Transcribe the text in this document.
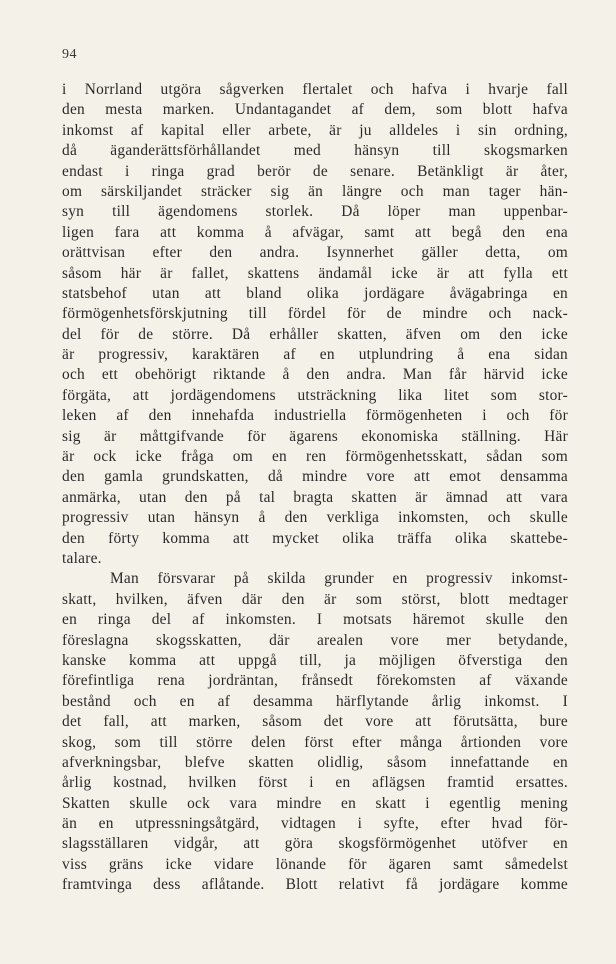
94
i Norrland utgöra sågverken flertalet och hafva i hvarje fall
den mesta marken. Undantagandet af dem, som blott hafva
inkomst af kapital eller arbete, är ju alldeles i sin ordning,
då äganderättsförhållandet med hänsyn till skogsmarken
endast i ringa grad berör de senare. Betänkligt är åter,
om särskiljandet sträcker sig än längre och man tager hän-
syn till ägendomens storlek. Då löper man uppenbar-
ligen fara att komma å afvägar, samt att begå den ena
orättvisan efter den andra. Isynnerhet gäller detta, om
såsom här är fallet, skattens ändamål icke är att fylla ett
statsbehof utan att bland olika jordägare åvägabringa en
förmögenhetsförskjutning till fördel för de mindre och nack-
del för de större. Då erhåller skatten, äfven om den icke
är progressiv, karaktären af en utplundring å ena sidan
och ett obehörigt riktande å den andra. Man får härvid icke
förgäta, att jordägendomens utsträckning lika litet som stor-
leken af den innehafda industriella förmögenheten i och för
sig är måttgifvande för ägarens ekonomiska ställning. Här
är ock icke fråga om en ren förmögenhetsskatt, sådan som
den gamla grundskatten, då mindre vore att emot densamma
anmärka, utan den på tal bragta skatten är ämnad att vara
progressiv utan hänsyn å den verkliga inkomsten, och skulle
den förty komma att mycket olika träffa olika skattebe-
talare.
Man försvarar på skilda grunder en progressiv inkomst-
skatt, hvilken, äfven där den är som störst, blott medtager
en ringa del af inkomsten. I motsats häremot skulle den
föreslagna skogsskatten, där arealen vore mer betydande,
kanske komma att uppgå till, ja möjligen öfverstiga den
förefintliga rena jordräntan, frånsedt förekomsten af växande
bestånd och en af desamma härflytande årlig inkomst. I
det fall, att marken, såsom det vore att förutsätta, bure
skog, som till större delen först efter många årtionden vore
afverkningsbar, blefve skatten olidlig, såsom innefattande en
årlig kostnad, hvilken först i en aflägsen framtid ersattes.
Skatten skulle ock vara mindre en skatt i egentlig mening
än en utpressningsåtgärd, vidtagen i syfte, efter hvad för-
slagsställaren vidgår, att göra skogsförmögenhet utöfver en
viss gräns icke vidare lönande för ägaren samt såmedelst
framtvinga dess aflåtande. Blott relativt få jordägare komme
